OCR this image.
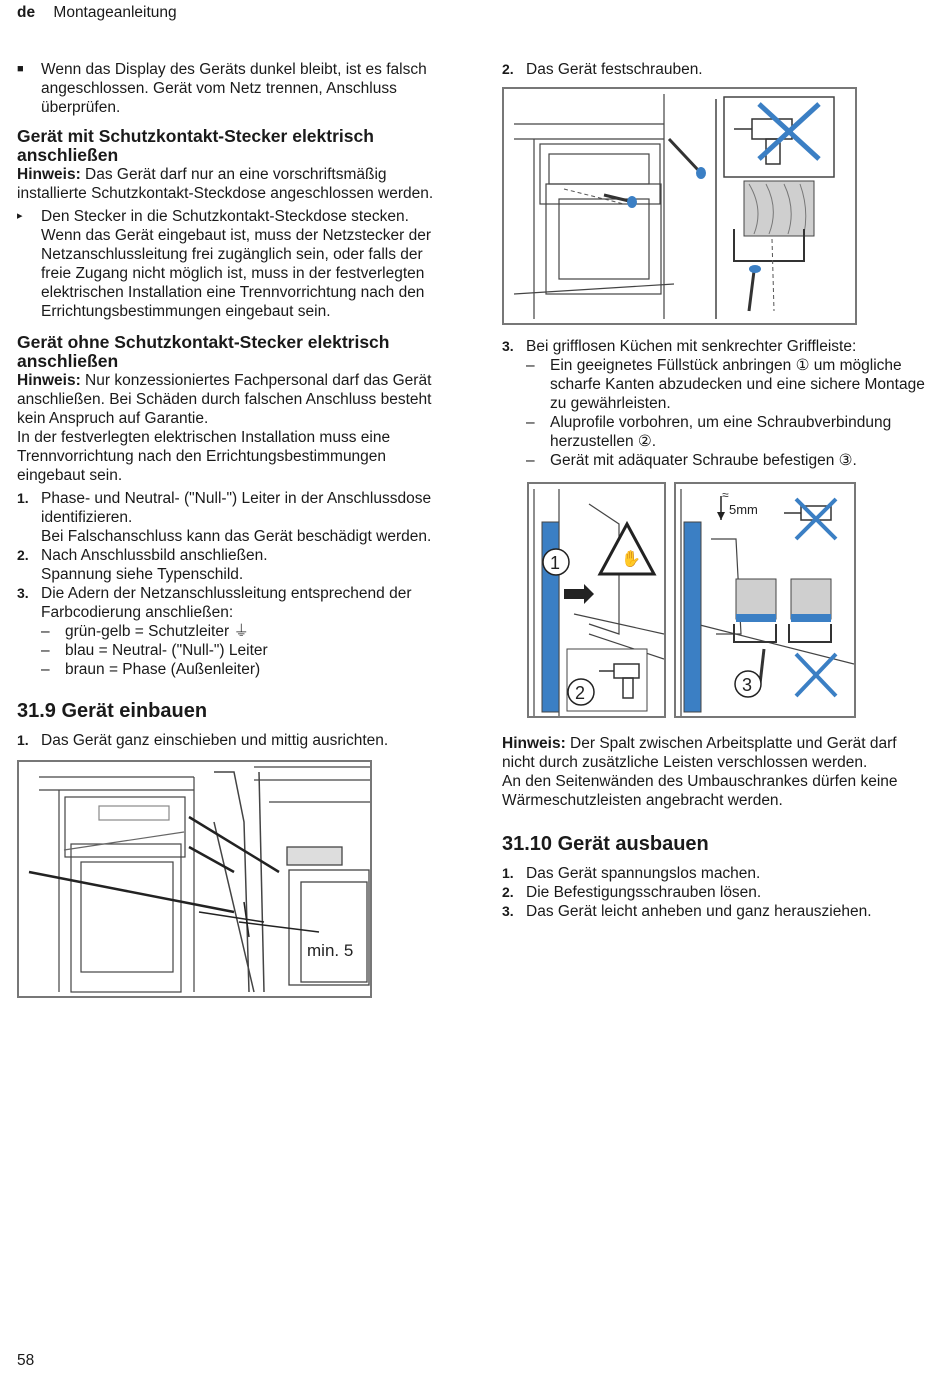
de Montageanleitung
■ Wenn das Display des Geräts dunkel bleibt, ist es falsch angeschlossen. Gerät vom Netz trennen, Anschluss überprüfen.
Gerät mit Schutzkontakt-Stecker elektrisch anschließen

Hinweis: Das Gerät darf nur an eine vorschriftsmäßig installierte Schutzkontakt-Steckdose angeschlossen werden.

▸ Den Stecker in die Schutzkontakt-Steckdose stecken.

Wenn das Gerät eingebaut ist, muss der Netzstecker der Netzanschlussleitung frei zugänglich sein, oder falls der freie Zugang nicht möglich ist, muss in der festverlegten elektrischen Installation eine Trennvorrichtung nach den Errichtungsbestimmungen eingebaut sein.

Gerät ohne Schutzkontakt-Stecker elektrisch anschließen

Hinweis: Nur konzessioniertes Fachpersonal darf das Gerät anschließen. Bei Schäden durch falschen Anschluss besteht kein Anspruch auf Garantie.

In der festverlegten elektrischen Installation muss eine Trennvorrichtung nach den Errichtungsbestimmungen eingebaut sein.

1. Phase- und Neutral- ("Null-") Leiter in der Anschlussdose identifizieren.
Bei Falschanschluss kann das Gerät beschädigt werden.
2. Nach Anschlussbild anschließen.
Spannung siehe Typenschild.
3. Die Adern der Netzanschlussleitung entsprechend der Farbcodierung anschließen:
– grün-gelb = Schutzleiter ⏚
– blau = Neutral- ("Null-") Leiter
– braun = Phase (Außenleiter)
31.9 Gerät einbauen
1. Das Gerät ganz einschieben und mittig ausrichten.
min. 5
2. Das Gerät festschrauben.
3. Bei grifflosen Küchen mit senkrechter Griffleiste:
– Ein geeignetes Füllstück anbringen ① um mögliche scharfe Kanten abzudecken und eine sichere Montage zu gewährleisten.
– Aluprofile vorbohren, um eine Schraubverbindung herzustellen ②.
– Gerät mit adäquater Schraube befestigen ③.
✋
1
2
≈
5mm
3

Hinweis: Der Spalt zwischen Arbeitsplatte und Gerät darf nicht durch zusätzliche Leisten verschlossen werden.

An den Seitenwänden des Umbauschrankes dürfen keine Wärmeschutzleisten angebracht werden.

31.10 Gerät ausbauen
1. Das Gerät spannungslos machen.
2. Die Befestigungsschrauben lösen.
3. Das Gerät leicht anheben und ganz herausziehen.
58
